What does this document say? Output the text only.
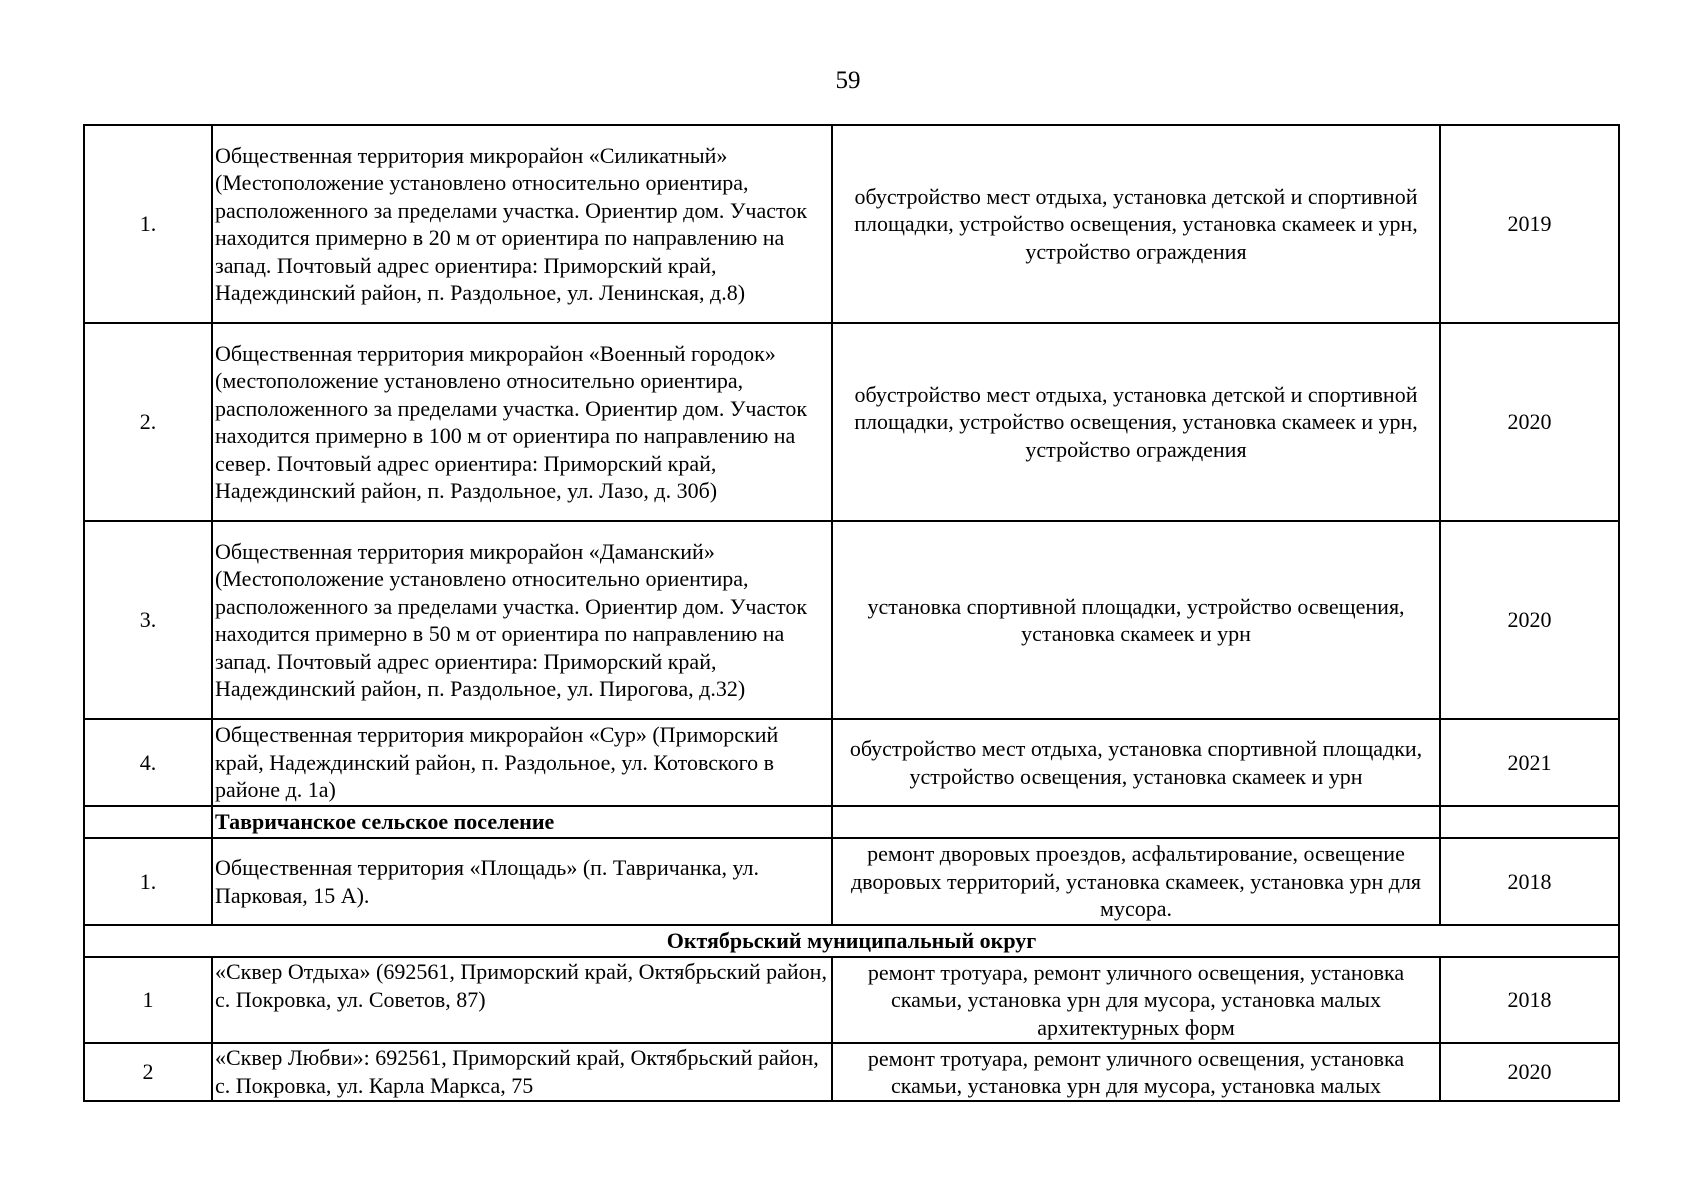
59
1.	Общественная территория микрорайон «Силикатный» (Местоположение установлено относительно ориентира, расположенного за пределами участка. Ориентир дом. Участок находится примерно в 20 м от ориентира по направлению на запад. Почтовый адрес ориентира: Приморский край, Надеждинский район, п. Раздольное, ул. Ленинская, д.8)	обустройство мест отдыха, установка детской и спортивной площадки, устройство освещения, установка скамеек и урн, устройство ограждения	2019
2.	Общественная территория микрорайон «Военный городок» (местоположение установлено относительно ориентира, расположенного за пределами участка. Ориентир дом. Участок находится примерно в 100 м от ориентира по направлению на север. Почтовый адрес ориентира: Приморский край, Надеждинский район, п. Раздольное, ул. Лазо, д. 30б)	обустройство мест отдыха, установка детской и спортивной площадки, устройство освещения, установка скамеек и урн, устройство ограждения	2020
3.	Общественная территория микрорайон «Даманский» (Местоположение установлено относительно ориентира, расположенного за пределами участка. Ориентир дом. Участок находится примерно в 50 м от ориентира по направлению на запад. Почтовый адрес ориентира: Приморский край, Надеждинский район, п. Раздольное, ул. Пирогова, д.32)	установка спортивной площадки, устройство освещения, установка скамеек и урн	2020
4.	Общественная территория микрорайон «Сур» (Приморский край, Надеждинский район, п. Раздольное, ул. Котовского в районе д. 1а)	обустройство мест отдыха, установка спортивной площадки, устройство освещения, установка скамеек и урн	2021
	Тавричанское сельское поселение		
1.	Общественная территория «Площадь» (п. Тавричанка, ул. Парковая, 15 А).	ремонт дворовых проездов, асфальтирование, освещение дворовых территорий, установка скамеек, установка урн для мусора.	2018
Октябрьский муниципальный округ			
1	«Сквер Отдыха» (692561, Приморский край, Октябрьский район, с. Покровка, ул. Советов, 87)	ремонт тротуара, ремонт уличного освещения, установка скамьи, установка урн для мусора, установка малых архитектурных форм	2018
2	«Сквер Любви»: 692561, Приморский край, Октябрьский район, с. Покровка, ул. Карла Маркса, 75	ремонт тротуара, ремонт уличного освещения, установка скамьи, установка урн для мусора, установка малых	2020
